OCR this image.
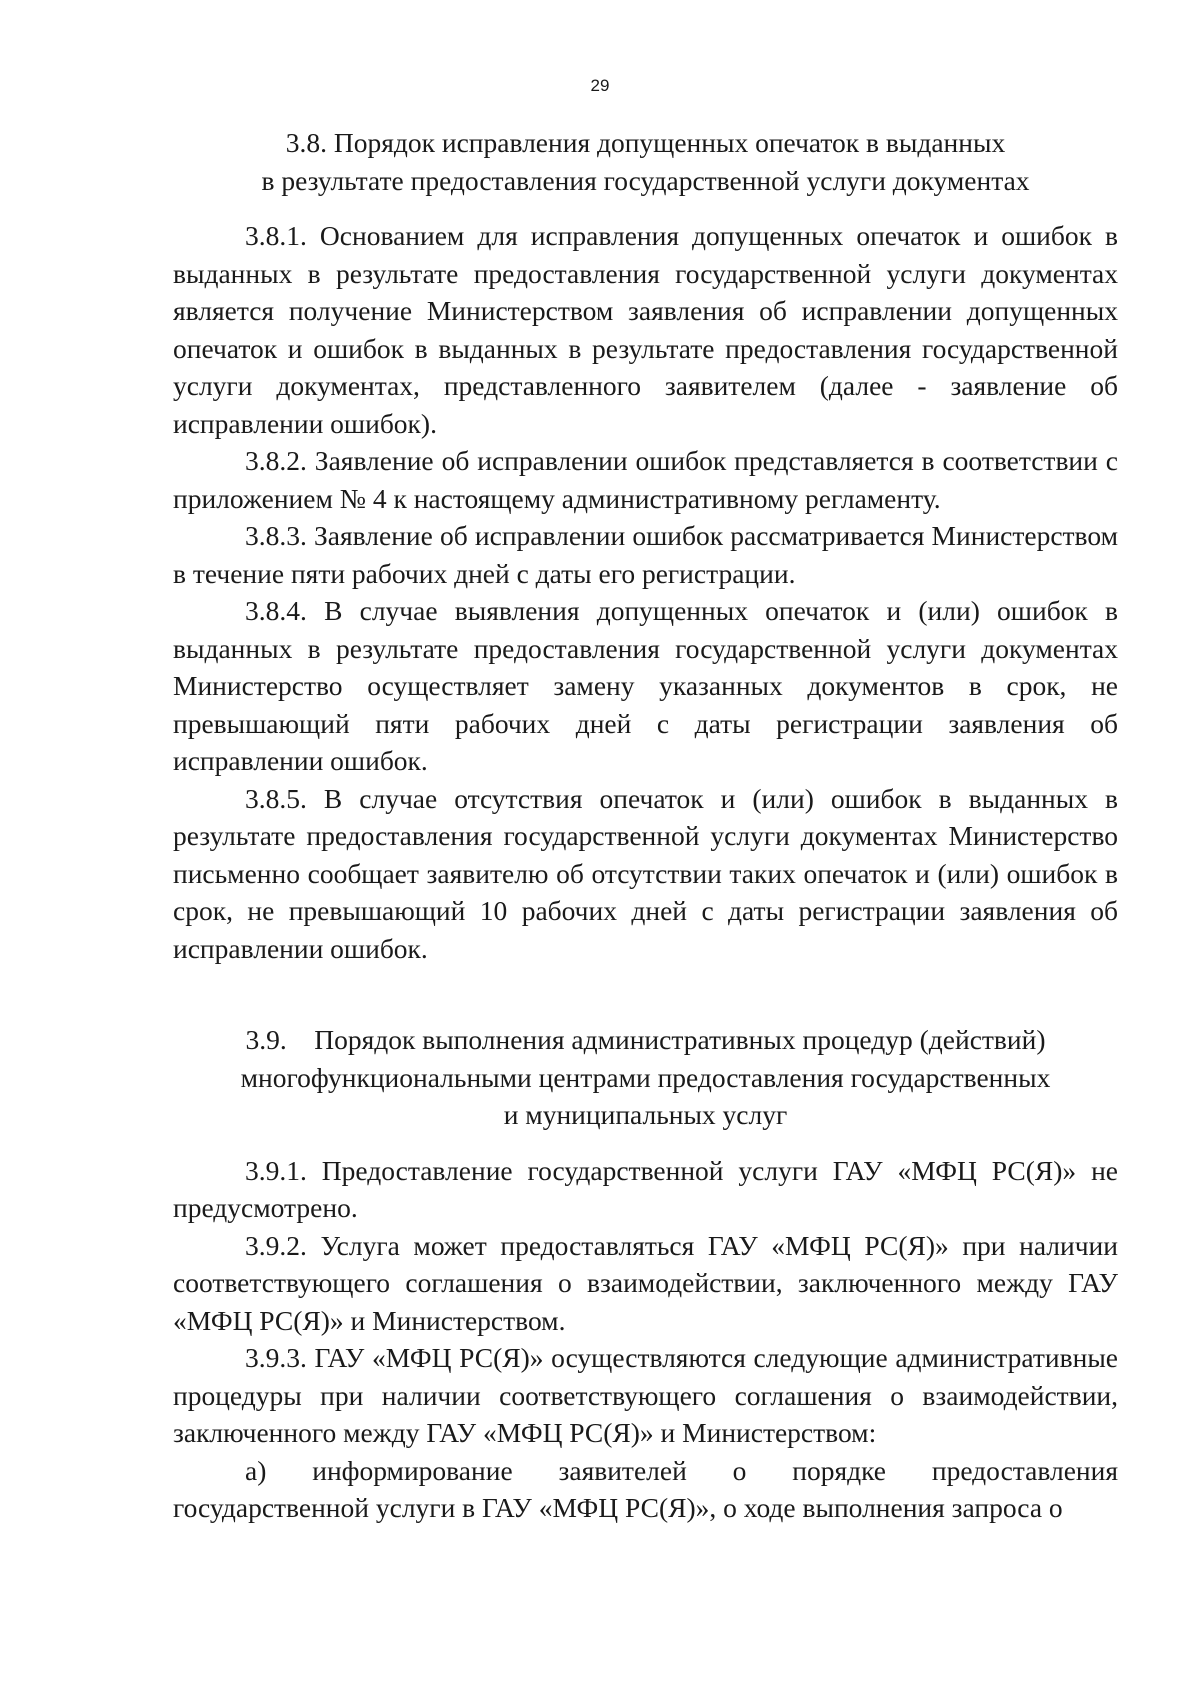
29
3.8. Порядок исправления допущенных опечаток в выданных
в результате предоставления государственной услуги документах

3.8.1. Основанием для исправления допущенных опечаток и ошибок в выданных в результате предоставления государственной услуги документах является получение Министерством заявления об исправлении допущенных опечаток и ошибок в выданных в результате предоставления государственной услуги документах, представленного заявителем (далее - заявление об исправлении ошибок).

3.8.2. Заявление об исправлении ошибок представляется в соответствии с приложением № 4 к настоящему административному регламенту.

3.8.3. Заявление об исправлении ошибок рассматривается Министерством в течение пяти рабочих дней с даты его регистрации.

3.8.4. В случае выявления допущенных опечаток и (или) ошибок в выданных в результате предоставления государственной услуги документах Министерство осуществляет замену указанных документов в срок, не превышающий пяти рабочих дней с даты регистрации заявления об исправлении ошибок.

3.8.5. В случае отсутствия опечаток и (или) ошибок в выданных в результате предоставления государственной услуги документах Министерство письменно сообщает заявителю об отсутствии таких опечаток и (или) ошибок в срок, не превышающий 10 рабочих дней с даты регистрации заявления об исправлении ошибок.

3.9.    Порядок выполнения административных процедур (действий)
многофункциональными центрами предоставления государственных
и муниципальных услуг

3.9.1. Предоставление государственной услуги ГАУ «МФЦ РС(Я)» не предусмотрено.

3.9.2. Услуга может предоставляться ГАУ «МФЦ РС(Я)» при наличии соответствующего соглашения о взаимодействии, заключенного между ГАУ «МФЦ РС(Я)» и Министерством.

3.9.3. ГАУ «МФЦ РС(Я)» осуществляются следующие административные процедуры при наличии соответствующего соглашения о взаимодействии, заключенного между ГАУ «МФЦ РС(Я)» и Министерством:

а) информирование заявителей о порядке предоставления государственной услуги в ГАУ «МФЦ РС(Я)», о ходе выполнения запроса о
